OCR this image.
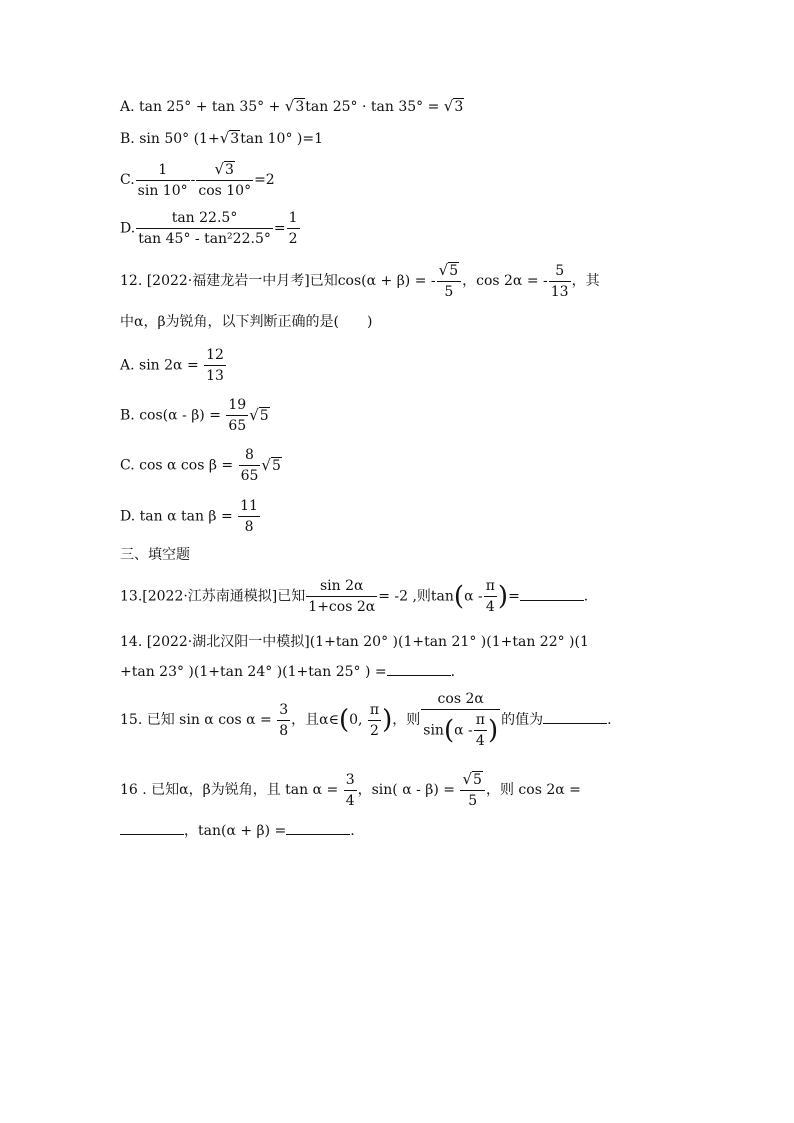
A. tan 25° + tan 35° + √3tan 25° · tan 35° = √3
B. sin 50° (1+√3tan 10° )=1
C. $\frac{1}{\sin 10^\circ} - \frac{√3}{\cos 10^\circ} =2$
D. $\frac{\tan 22.5^\circ}{\text{tan 45° - tan²22.5°}} = \frac{1}{2}$
12. [2022·福建龙岩一中月考]已知cos(α + β) = - $\frac{√5}{5}$ ，cos 2α = - $\frac{5}{13}$ ，其
中α，β为锐角，以下判断正确的是(　　)
A. $\sin 2\alpha = \frac{12}{13}$
B. $\cos(\alpha - \beta) = \frac{19}{65} √5$
C. cos α $\cos \beta = \frac{8}{65} √5$
D. tan α $\tan \beta = \frac{11}{8}$
三、填空题
13.[2022·江苏南通模拟]已知 $\frac{\sin 2\alpha}{1+\cos 2\alpha} = -2$ ,则$\tan(\alpha - \frac{\pi}{4}$ )=	.
14. [2022·湖北汉阳一中模拟](1+tan 20° )(1+tan 21° )(1+tan 22° )(1
+tan 23° )(1+tan 24° )(1+tan 25° ) =	.
15. 已知 sin α $\cos \alpha = \frac{3}{8}$ ，且α∈(0, $\frac{\pi}{2}$ )，则 $\frac{\cos 2\alpha}{\sin(\alpha - \frac{\pi}{4} )}$ 的值为	.
16 . 已知α，β为锐角，且 $\tan \alpha = \frac{3}{4}$ ，sin( $\alpha - \beta) = \frac{√5}{5}$ ，则 cos 2α =
，tan(α + β) =	.
